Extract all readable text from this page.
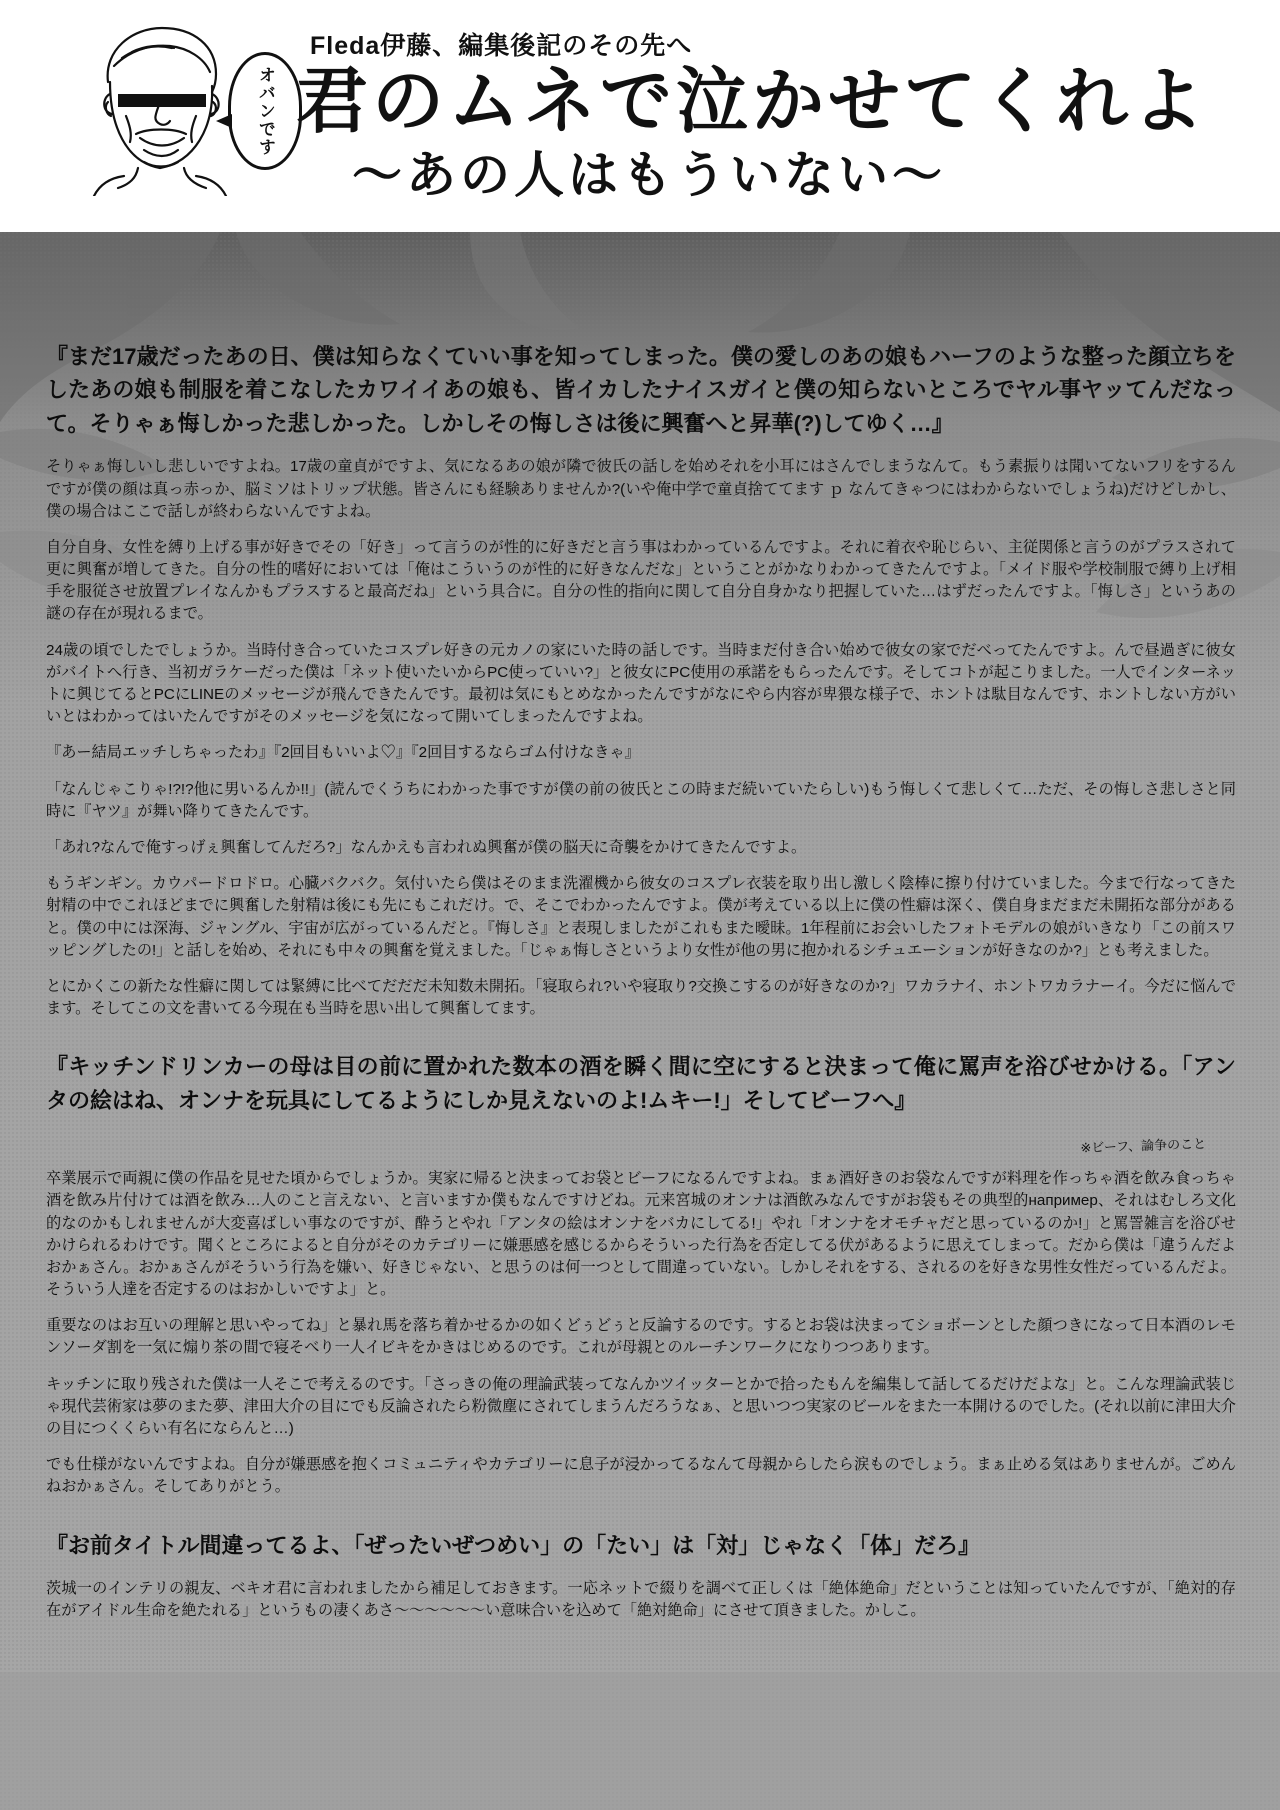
オバンです
Fleda伊藤、編集後記のその先へ
君のムネで泣かせてくれよ
〜あの人はもういない〜
『まだ17歳だったあの日、僕は知らなくていい事を知ってしまった。僕の愛しのあの娘もハーフのような整った顔立ちをしたあの娘も制服を着こなしたカワイイあの娘も、皆イカしたナイスガイと僕の知らないところでヤル事ヤッてんだなって。そりゃぁ悔しかった悲しかった。しかしその悔しさは後に興奮へと昇華(?)してゆく…』
そりゃぁ悔しいし悲しいですよね。17歳の童貞がですよ、気になるあの娘が隣で彼氏の話しを始めそれを小耳にはさんでしまうなんて。もう素振りは聞いてないフリをするんですが僕の顔は真っ赤っか、脳ミソはトリップ状態。皆さんにも経験ありませんか?(いや俺中学で童貞捨ててます ｐ なんてきゃつにはわからないでしょうね)だけどしかし、僕の場合はここで話しが終わらないんですよね。
自分自身、女性を縛り上げる事が好きでその「好き」って言うのが性的に好きだと言う事はわかっているんですよ。それに着衣や恥じらい、主従関係と言うのがプラスされて更に興奮が増してきた。自分の性的嗜好においては「俺はこういうのが性的に好きなんだな」ということがかなりわかってきたんですよ。「メイド服や学校制服で縛り上げ相手を服従させ放置プレイなんかもプラスすると最高だね」という具合に。自分の性的指向に関して自分自身かなり把握していた…はずだったんですよ。「悔しさ」というあの謎の存在が現れるまで。
24歳の頃でしたでしょうか。当時付き合っていたコスプレ好きの元カノの家にいた時の話しです。当時まだ付き合い始めで彼女の家でだべってたんですよ。んで昼過ぎに彼女がバイトへ行き、当初ガラケーだった僕は「ネット使いたいからPC使っていい?」と彼女にPC使用の承諾をもらったんです。そしてコトが起こりました。一人でインターネットに興じてるとPCにLINEのメッセージが飛んできたんです。最初は気にもとめなかったんですがなにやら内容が卑猥な様子で、ホントは駄目なんです、ホントしない方がいいとはわかってはいたんですがそのメッセージを気になって開いてしまったんですよね。
『あー結局エッチしちゃったわ』『2回目もいいよ♡』『2回目するならゴム付けなきゃ』
「なんじゃこりゃ!?!?他に男いるんか!!」(読んでくうちにわかった事ですが僕の前の彼氏とこの時まだ続いていたらしい)もう悔しくて悲しくて…ただ、その悔しさ悲しさと同時に『ヤツ』が舞い降りてきたんです。
「あれ?なんで俺すっげぇ興奮してんだろ?」なんかえも言われぬ興奮が僕の脳天に奇襲をかけてきたんですよ。
もうギンギン。カウパードロドロ。心臓バクバク。気付いたら僕はそのまま洗濯機から彼女のコスプレ衣装を取り出し激しく陰棒に擦り付けていました。今まで行なってきた射精の中でこれほどまでに興奮した射精は後にも先にもこれだけ。で、そこでわかったんですよ。僕が考えている以上に僕の性癖は深く、僕自身まだまだ未開拓な部分があると。僕の中には深海、ジャングル、宇宙が広がっているんだと。『悔しさ』と表現しましたがこれもまた曖昧。1年程前にお会いしたフォトモデルの娘がいきなり「この前スワッピングしたの!」と話しを始め、それにも中々の興奮を覚えました。「じゃぁ悔しさというより女性が他の男に抱かれるシチュエーションが好きなのか?」とも考えました。
とにかくこの新たな性癖に関しては緊縛に比べてだだだ未知数未開拓。「寝取られ?いや寝取り?交換こするのが好きなのか?」ワカラナイ、ホントワカラナーイ。今だに悩んでます。そしてこの文を書いてる今現在も当時を思い出して興奮してます。
『キッチンドリンカーの母は目の前に置かれた数本の酒を瞬く間に空にすると決まって俺に罵声を浴びせかける。「アンタの絵はね、オンナを玩具にしてるようにしか見えないのよ!ムキー!」そしてビーフへ』
※ビーフ、論争のこと
卒業展示で両親に僕の作品を見せた頃からでしょうか。実家に帰ると決まってお袋とビーフになるんですよね。まぁ酒好きのお袋なんですが料理を作っちゃ酒を飲み食っちゃ酒を飲み片付けては酒を飲み…人のこと言えない、と言いますか僕もなんですけどね。元来宮城のオンナは酒飲みなんですがお袋もその典型的например、それはむしろ文化的なのかもしれませんが大変喜ばしい事なのですが、酔うとやれ「アンタの絵はオンナをバカにしてる!」やれ「オンナをオモチャだと思っているのか!」と罵詈雑言を浴びせかけられるわけです。聞くところによると自分がそのカテゴリーに嫌悪感を感じるからそういった行為を否定してる伏があるように思えてしまって。だから僕は「違うんだよおかぁさん。おかぁさんがそういう行為を嫌い、好きじゃない、と思うのは何一つとして間違っていない。しかしそれをする、されるのを好きな男性女性だっているんだよ。そういう人達を否定するのはおかしいですよ」と。
重要なのはお互いの理解と思いやってね」と暴れ馬を落ち着かせるかの如くどぅどぅと反論するのです。するとお袋は決まってショボーンとした顔つきになって日本酒のレモンソーダ割を一気に煽り茶の間で寝そべり一人イビキをかきはじめるのです。これが母親とのルーチンワークになりつつあります。
キッチンに取り残された僕は一人そこで考えるのです。「さっきの俺の理論武装ってなんかツイッターとかで拾ったもんを編集して話してるだけだよな」と。こんな理論武装じゃ現代芸術家は夢のまた夢、津田大介の目にでも反論されたら粉微塵にされてしまうんだろうなぁ、と思いつつ実家のビールをまた一本開けるのでした。(それ以前に津田大介の目につくくらい有名にならんと…)
でも仕様がないんですよね。自分が嫌悪感を抱くコミュニティやカテゴリーに息子が浸かってるなんて母親からしたら涙ものでしょう。まぁ止める気はありませんが。ごめんねおかぁさん。そしてありがとう。
『お前タイトル間違ってるよ、「ぜったいぜつめい」の「たい」は「対」じゃなく「体」だろ』
茨城一のインテリの親友、ベキオ君に言われましたから補足しておきます。一応ネットで綴りを調べて正しくは「絶体絶命」だということは知っていたんですが、「絶対的存在がアイドル生命を絶たれる」というもの凄くあさ〜〜〜〜〜〜い意味合いを込めて「絶対絶命」にさせて頂きました。かしこ。
